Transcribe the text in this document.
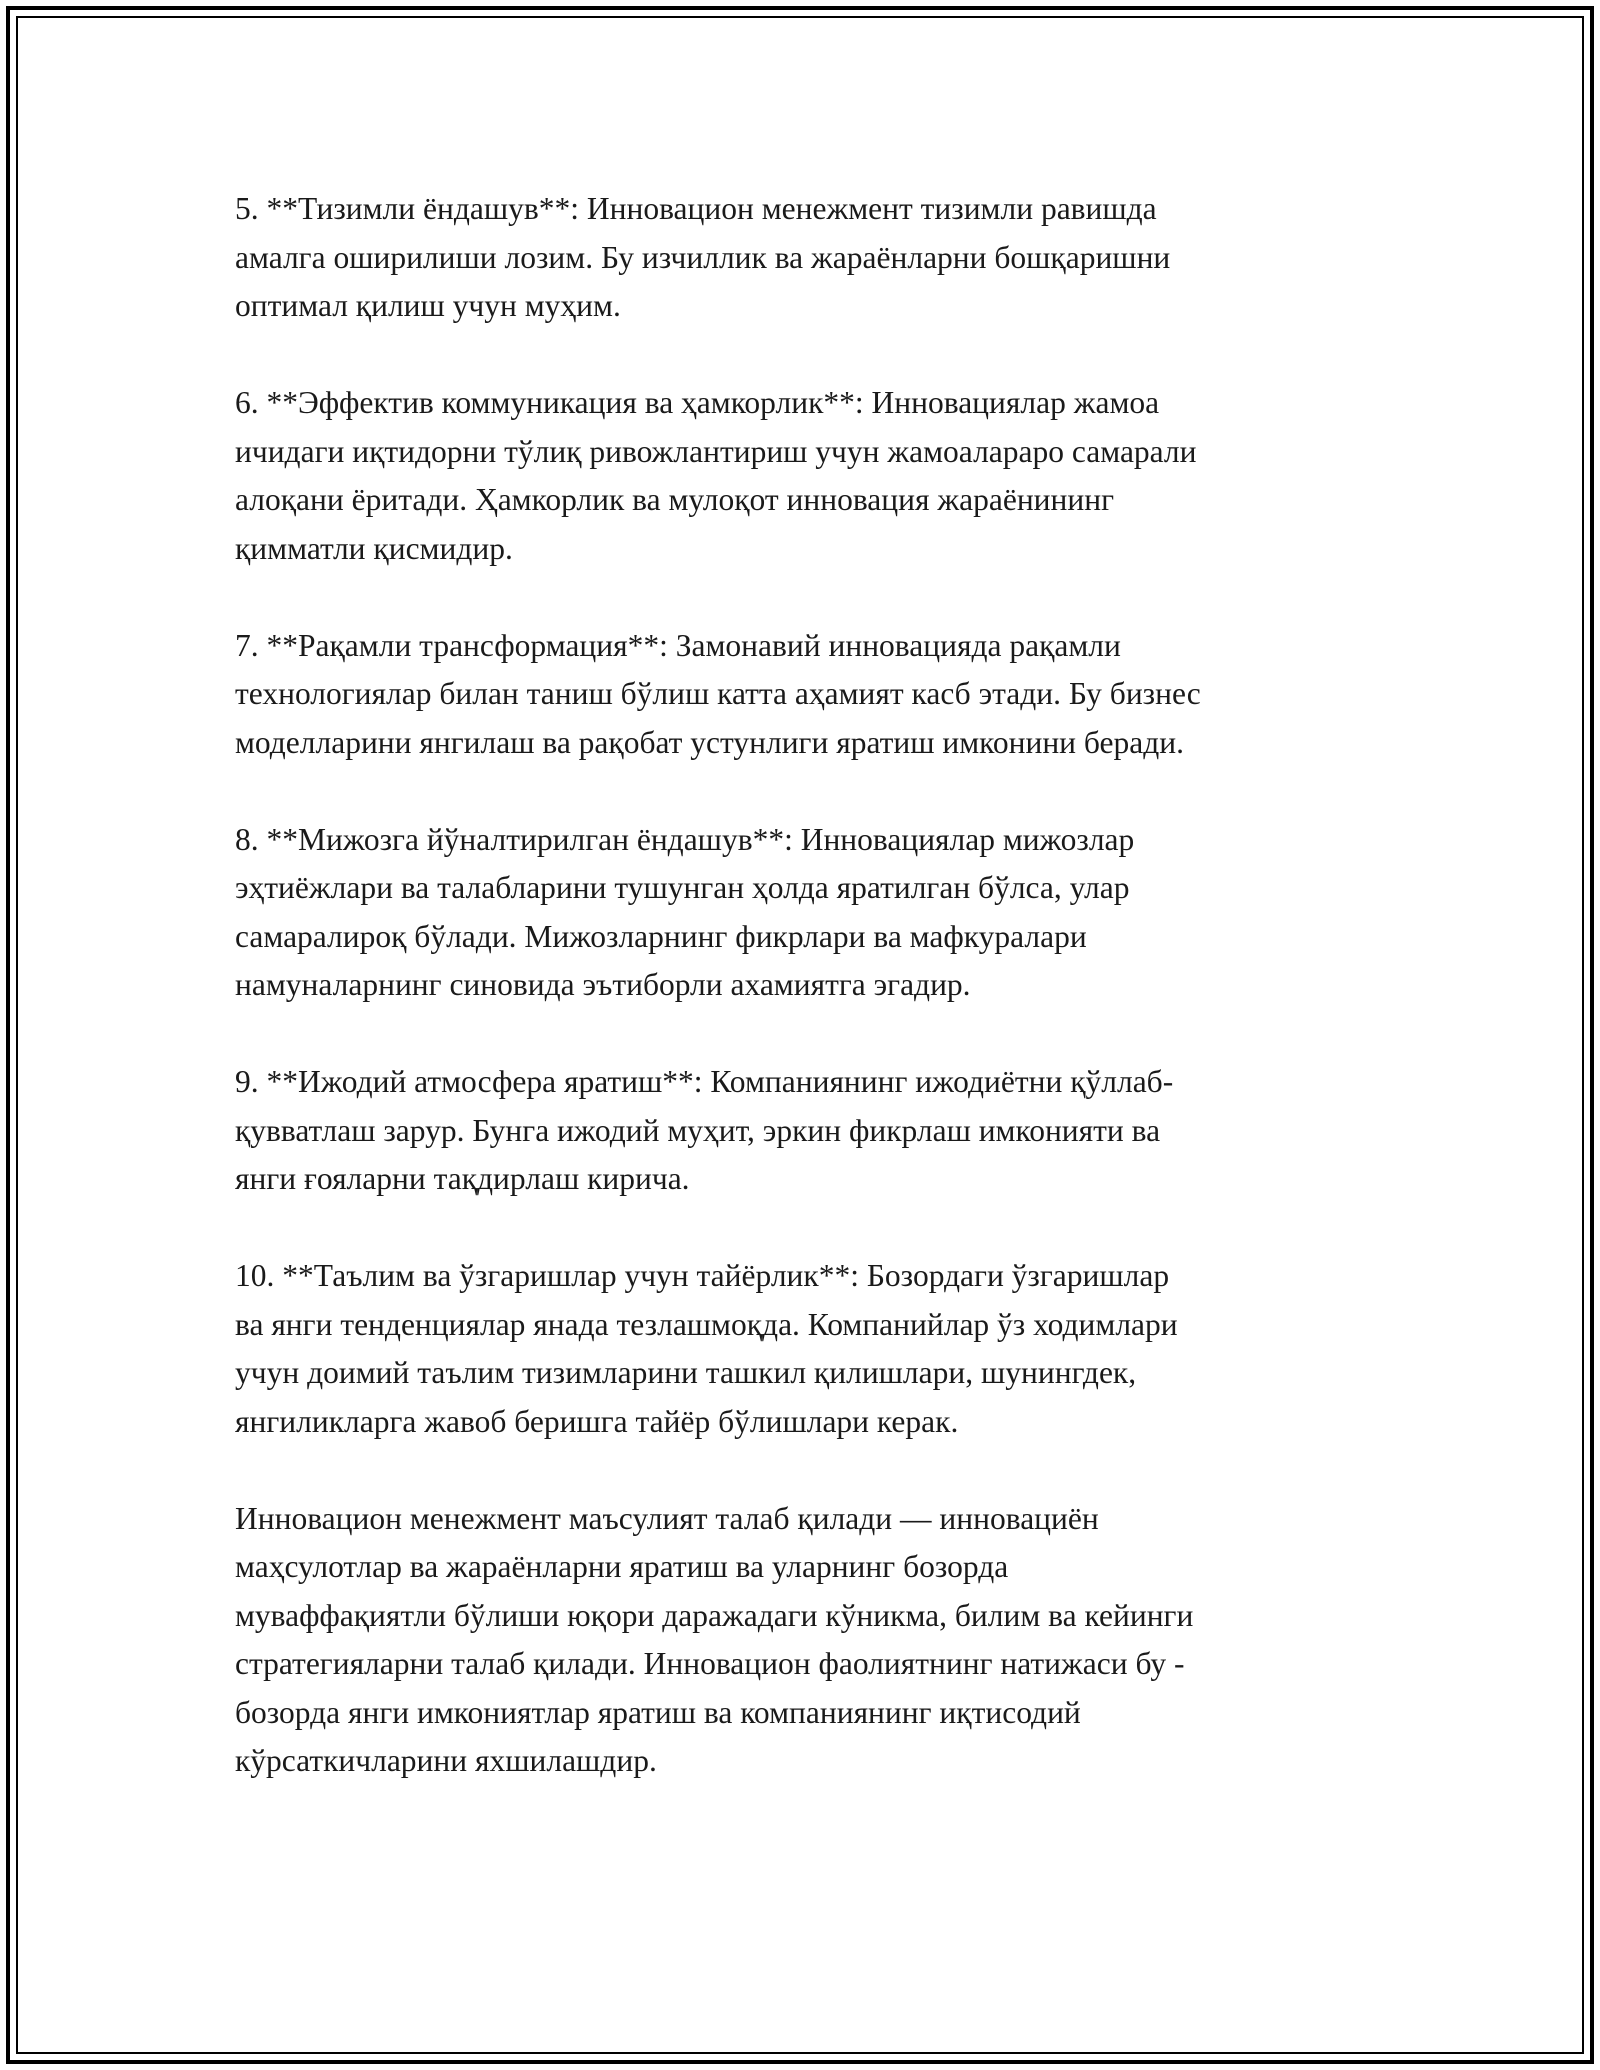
5. **Тизимли ёндашув**: Инновацион менежмент тизимли равишда
амалга оширилиши лозим. Бу изчиллик ва жараёнларни бошқаришни
оптимал қилиш учун муҳим.

6. **Эффектив коммуникация ва ҳамкорлик**: Инновациялар жамоа
ичидаги иқтидорни тўлиқ ривожлантириш учун жамоалараро самарали
алоқани ёритади. Ҳамкорлик ва мулоқот инновация жараёнининг
қимматли қисмидир.

7. **Рақамли трансформация**: Замонавий инновацияда рақамли
технологиялар билан таниш бўлиш катта аҳамият касб этади. Бу бизнес
моделларини янгилаш ва рақобат устунлиги яратиш имконини беради.

8. **Мижозга йўналтирилган ёндашув**: Инновациялар мижозлар
эҳтиёжлари ва талабларини тушунган ҳолда яратилган бўлса, улар
самаралироқ бўлади. Мижозларнинг фикрлари ва мафкуралари
намуналарнинг синовида эътиборли ахамиятга эгадир.

9. **Ижодий атмосфера яратиш**: Компаниянинг ижодиётни қўллаб-
қувватлаш зарур. Бунга ижодий муҳит, эркин фикрлаш имконияти ва
янги ғояларни тақдирлаш кирича.

10. **Таълим ва ўзгаришлар учун тайёрлик**: Бозордаги ўзгаришлар
ва янги тенденциялар янада тезлашмоқда. Компанийлар ўз ходимлари
учун доимий таълим тизимларини ташкил қилишлари, шунингдек,
янгиликларга жавоб беришга тайёр бўлишлари керак.

Инновацион менежмент маъсулият талаб қилади — инновациён
маҳсулотлар ва жараёнларни яратиш ва уларнинг бозорда
муваффақиятли бўлиши юқори даражадаги кўникма, билим ва кейинги
стратегияларни талаб қилади. Инновацион фаолиятнинг натижаси бу -
бозорда янги имкониятлар яратиш ва компаниянинг иқтисодий
кўрсаткичларини яхшилашдир.
